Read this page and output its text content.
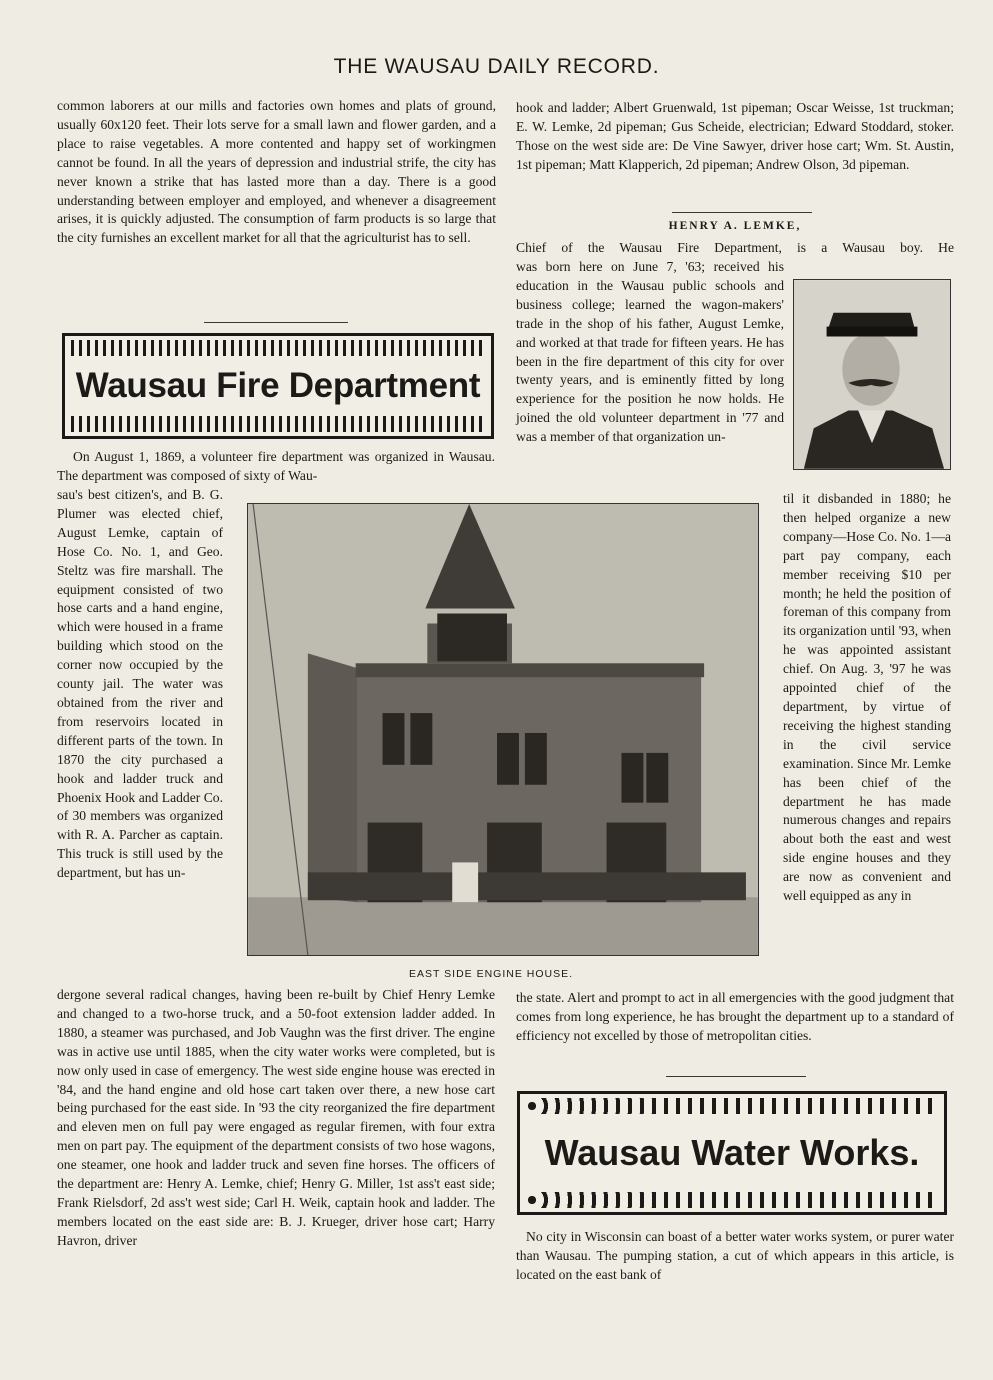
THE WAUSAU DAILY RECORD.

common laborers at our mills and factories own homes and plats of ground, usually 60x120 feet. Their lots serve for a small lawn and flower garden, and a place to raise vegetables. A more contented and happy set of workingmen cannot be found. In all the years of depression and industrial strife, the city has never known a strike that has lasted more than a day. There is a good understanding between employer and employed, and whenever a disagreement arises, it is quickly adjusted. The consumption of farm products is so large that the city furnishes an excellent market for all that the agriculturist has to sell.

Wausau Fire Department

On August 1, 1869, a volunteer fire department was organized in Wausau. The department was composed of sixty of Wau-

sau's best citizen's, and B. G. Plumer was elected chief, August Lemke, captain of Hose Co. No. 1, and Geo. Steltz was fire marshall. The equipment consisted of two hose carts and a hand engine, which were housed in a frame building which stood on the corner now occupied by the county jail. The water was obtained from the river and from reservoirs located in different parts of the town. In 1870 the city purchased a hook and ladder truck and Phoenix Hook and Ladder Co. of 30 members was organized with R. A. Parcher as captain. This truck is still used by the department, but has un-

EAST SIDE ENGINE HOUSE.

dergone several radical changes, having been re-built by Chief Henry Lemke and changed to a two-horse truck, and a 50-foot extension ladder added. In 1880, a steamer was purchased, and Job Vaughn was the first driver. The engine was in active use until 1885, when the city water works were completed, but is now only used in case of emergency. The west side engine house was erected in '84, and the hand engine and old hose cart taken over there, a new hose cart being purchased for the east side. In '93 the city reorganized the fire department and eleven men on full pay were engaged as regular firemen, with four extra men on part pay. The equipment of the department consists of two hose wagons, one steamer, one hook and ladder truck and seven fine horses. The officers of the department are: Henry A. Lemke, chief; Henry G. Miller, 1st ass't east side; Frank Rielsdorf, 2d ass't west side; Carl H. Weik, captain hook and ladder. The members located on the east side are: B. J. Krueger, driver hose cart; Harry Havron, driver

hook and ladder; Albert Gruenwald, 1st pipeman; Oscar Weisse, 1st truckman; E. W. Lemke, 2d pipeman; Gus Scheide, electrician; Edward Stoddard, stoker. Those on the west side are: De Vine Sawyer, driver hose cart; Wm. St. Austin, 1st pipeman; Matt Klapperich, 2d pipeman; Andrew Olson, 3d pipeman.

HENRY A. LEMKE,

Chief of the Wausau Fire Department, is a Wausau boy. He

was born here on June 7, '63; received his education in the Wausau public schools and business college; learned the wagon-makers' trade in the shop of his father, August Lemke, and worked at that trade for fifteen years. He has been in the fire department of this city for over twenty years, and is eminently fitted by long experience for the position he now holds. He joined the old volunteer department in '77 and was a member of that organization un-

til it disbanded in 1880; he then helped organize a new company—Hose Co. No. 1—a part pay company, each member receiving $10 per month; he held the position of foreman of this company from its organization until '93, when he was appointed assistant chief. On Aug. 3, '97 he was appointed chief of the department, by virtue of receiving the highest standing in the civil service examination. Since Mr. Lemke has been chief of the department he has made numerous changes and repairs about both the east and west side engine houses and they are now as convenient and well equipped as any in

the state. Alert and prompt to act in all emergencies with the good judgment that comes from long experience, he has brought the department up to a standard of efficiency not excelled by those of metropolitan cities.

Wausau Water Works.

No city in Wisconsin can boast of a better water works system, or purer water than Wausau. The pumping station, a cut of which appears in this article, is located on the east bank of
